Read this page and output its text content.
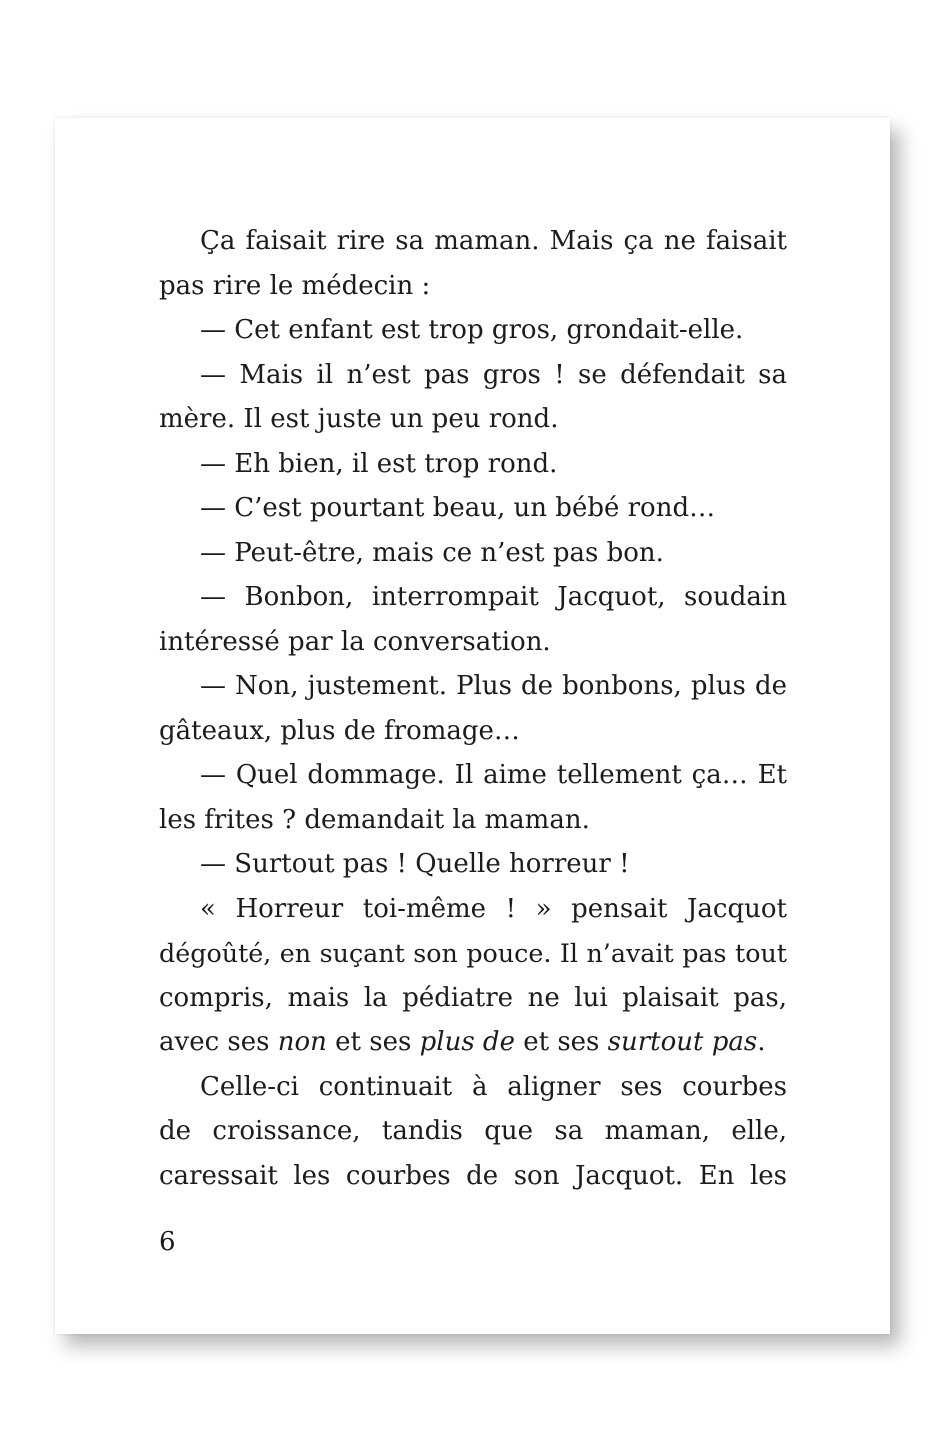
Ça faisait rire sa maman. Mais ça ne faisait
pas rire le médecin :
— Cet enfant est trop gros, grondait-elle.
— Mais il n’est pas gros ! se défendait sa
mère. Il est juste un peu rond.
— Eh bien, il est trop rond.
— C’est pourtant beau, un bébé rond…
— Peut-être, mais ce n’est pas bon.
— Bonbon, interrompait Jacquot, soudain
intéressé par la conversation.
— Non, justement. Plus de bonbons, plus de
gâteaux, plus de fromage…
— Quel dommage. Il aime tellement ça… Et
les frites ? demandait la maman.
— Surtout pas ! Quelle horreur !
« Horreur toi-même ! » pensait Jacquot
dégoûté, en suçant son pouce. Il n’avait pas tout
compris, mais la pédiatre ne lui plaisait pas,
avec ses non et ses plus de et ses surtout pas.
Celle-ci continuait à aligner ses courbes
de croissance, tandis que sa maman, elle,
caressait les courbes de son Jacquot. En les
6
